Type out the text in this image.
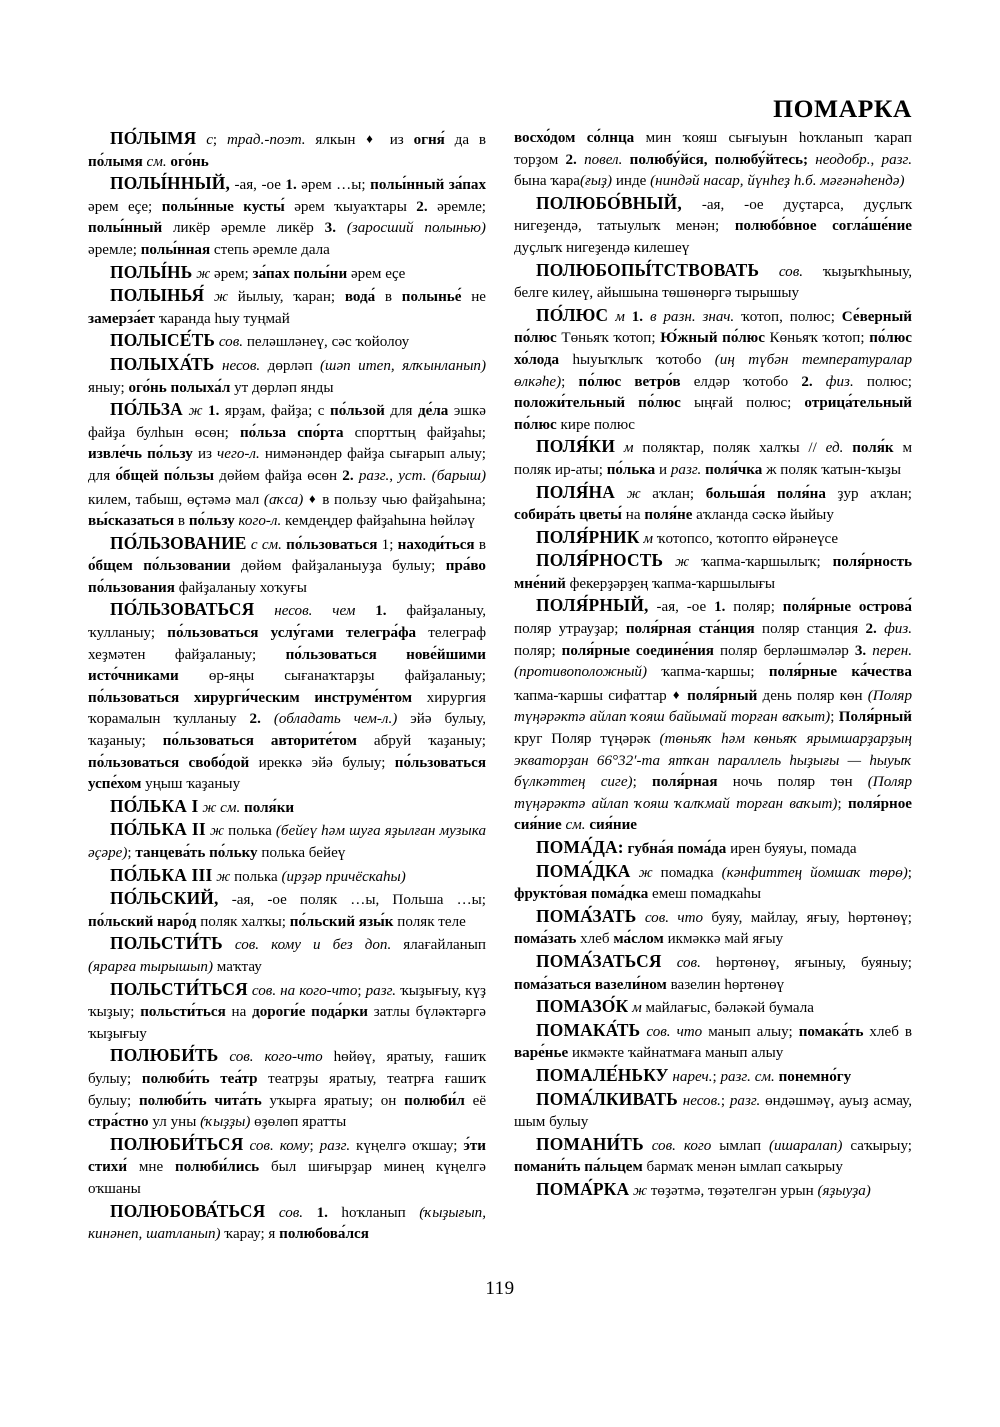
ПОМАРКА

ПО́ЛЫМЯ с; трад.-поэт. ялкын ♦ из огня́ да в по́лымя см. ого́нь

ПОЛЫ́ННЫЙ, -ая, -ое 1. әрем …ы; полы́нный за́пах әрем еҫе; полы́нные кусты́ әрем ҡыуаҡтары 2. әремле; полы́нный ликёр әремле ликёр 3. (заросший полынью) әремле; полы́нная степь әремле дала

ПОЛЫ́НЬ ж әрем; за́пах полы́ни әрем еҫе

ПОЛЫНЬЯ́ ж йылыу, ҡаран; вода́ в полынье́ не замерза́ет ҡаранда һыу туңмай

ПОЛЫСЕ́ТЬ сов. пеләшләнеү, сәс ҡойолоу

ПОЛЫХА́ТЬ несов. дөрләп (шәп итеп, ялҡынланып) яныу; ого́нь полыха́л ут дөрләп янды

ПО́ЛЬЗА ж 1. ярҙам, файҙа; с по́льзой для де́ла эшкә файҙа булһын өсөн; по́льза спо́рта спорттың файҙаһы; извле́чь по́льзу из чего-л. нимәнәндер файҙа сығарып алыу; для о́бщей по́льзы дөйөм файҙа өсөн 2. разг., уст. (барыш) килем, табыш, өҫтәмә мал (аҡса) ♦ в пользу чью файҙаһына; вы́сказаться в по́льзу кого-л. кемдеңдер файҙаһына һөйләү

ПО́ЛЬЗОВАНИЕ с см. по́льзоваться 1; находи́ться в о́бщем по́льзовании дөйөм файҙаланыуҙа булыу; пра́во по́льзования файҙаланыу хоҡуғы

ПО́ЛЬЗОВАТЬСЯ несов. чем 1. файҙаланыу, ҡулланыу; по́льзоваться услу́гами телегра́фа телеграф хеҙмәтен файҙаланыу; по́льзоваться нове́йшими исто́чниками өр-яңы сығанаҡтарҙы файҙаланыу; по́льзоваться хирурги́ческим инструме́нтом хирургия ҡорамалын ҡулланыу 2. (обладать чем-л.) эйә булыу, ҡаҙаныу; по́льзоваться авторите́том абруй ҡаҙаныу; по́льзоваться свобо́дой иреккә эйә булыу; по́льзоваться успе́хом уңыш ҡаҙаныу

ПО́ЛЬКА I ж см. поля́ки

ПО́ЛЬКА II ж полька (бейеү һәм шуға яҙылған музыка әҫәре); танцева́ть по́льку полька бейеү

ПО́ЛЬКА III ж полька (ирҙәр причёскаһы)

ПО́ЛЬСКИЙ, -ая, -ое поляк …ы, Польша …ы; по́льский наро́д поляк халҡы; по́льский язы́к поляк теле

ПОЛЬСТИ́ТЬ сов. кому и без доп. ялағайланып (ярарға тырышып) маҡтау

ПОЛЬСТИ́ТЬСЯ сов. на кого-что; разг. ҡыҙығыу, күҙ ҡыҙыу; польсти́ться на дороги́е пода́рки затлы бүләктәргә ҡыҙығыу

ПОЛЮБИ́ТЬ сов. кого-что һөйөү, яратыу, ғашиҡ булыу; полюби́ть теа́тр театрҙы яратыу, театрға ғашиҡ булыу; полюби́ть чита́ть уҡырға яратыу; он полюби́л её стра́стно ул уны (ҡыҙҙы) өҙөлөп яратты

ПОЛЮБИ́ТЬСЯ сов. кому; разг. күңелгә оҡшау; э́ти стихи́ мне полюби́лись был шиғырҙар минең күңелгә оҡшаны

ПОЛЮБОВА́ТЬСЯ сов. 1. һоҡланып (ҡыҙығып, кинәнеп, шатланып) ҡарау; я полюбова́лся

восхо́дом со́лнца мин ҡояш сығыуын һоҡланып ҡарап торҙом 2. повел. полюбу́йся, полюбу́йтесь; неодобр., разг. бына ҡара(ғыҙ) инде (ниндәй насар, йүнһеҙ һ.б. мәғәнәһендә)

ПОЛЮБО́ВНЫЙ, -ая, -ое дуҫтарса, дуҫлыҡ нигеҙендә, татыулыҡ менән; полюбо́вное согла́ше́ние дуҫлыҡ нигеҙендә килешеү

ПОЛЮБОПЫ́ТСТВОВАТЬ сов. ҡыҙыҡһыныу, белге килеү, айышына төшөнөргә тырышыу

ПО́ЛЮС м 1. в разн. знач. ҡотоп, полюс; Се́верный по́люс Төньяҡ ҡотоп; Ю́жный по́люс Көньяҡ ҡотоп; по́люс хо́лода һыуыҡлыҡ ҡотобо (иң түбән температуралар өлкәһе); по́люс ветро́в елдәр ҡотобо 2. физ. полюс; положи́тельный по́люс ыңғай полюс; отрица́тельный по́люс кире полюс

ПОЛЯ́КИ м поляктар, поляк халҡы // ед. поля́к м поляк ир-аты; по́лька и разг. поля́чка ж поляк ҡатын-ҡыҙы

ПОЛЯ́НА ж аҡлан; больша́я поля́на ҙур аҡлан; собира́ть цветы́ на поля́не аҡланда сәскә йыйыу

ПОЛЯ́РНИК м ҡотопсо, ҡотопто өйрәнеүсе

ПОЛЯ́РНОСТЬ ж ҡапма-ҡаршылыҡ; поля́рность мне́ний фекерҙәрҙең ҡапма-ҡаршылығы

ПОЛЯ́РНЫЙ, -ая, -ое 1. поляр; поля́рные острова́ поляр утрауҙар; поля́рная ста́нция поляр станция 2. физ. поляр; поля́рные соедине́ния поляр берләшмәләр 3. перен. (противоположный) ҡапма-ҡаршы; поля́рные ка́чества ҡапма-ҡаршы сифаттар ♦ поля́рный день поляр көн (Поляр түңәрәктә айлап ҡояш байымай торған ваҡыт); Поля́рный круг Поляр түңәрәк (төньяҡ һәм көньяҡ ярымшарҙарҙың экваторҙан 66°32′-та ятҡан параллель һыҙығы — һыуыҡ бүлкәттең сиге); поля́рная ночь поляр төн (Поляр түңәрәктә айлап ҡояш ҡалҡмай торған ваҡыт); поля́рное сия́ние см. сия́ние

ПОМА́ДА: губна́я пома́да ирен буяуы, помада

ПОМА́ДКА ж помадка (кәнфиттең йомшаҡ төрө); фрукто́вая пома́дка емеш помадкаһы

ПОМА́ЗАТЬ сов. что буяу, майлау, яғыу, һөртөнөү; пома́зать хлеб ма́слом икмәккә май яғыу

ПОМА́ЗАТЬСЯ сов. һөртөнөү, яғыныу, буяныу; пома́заться вазели́ном вазелин һөртөнөү

ПОМАЗО́К м майлағыс, бәләкәй бумала

ПОМАКА́ТЬ сов. что манып алыу; помака́ть хлеб в варе́нье икмәкте ҡайнатмаға манып алыу

ПОМАЛЕ́НЬКУ нареч.; разг. см. понемно́гу

ПОМА́ЛКИВАТЬ несов.; разг. өндәшмәү, ауыҙ асмау, шым булыу

ПОМАНИ́ТЬ сов. кого ымлап (ишаралап) саҡырыу; помани́ть па́льцем бармаҡ менән ымлап саҡырыу

ПОМА́РКА ж төҙәтмә, төҙәтелгән урын (яҙыуҙа)

119
